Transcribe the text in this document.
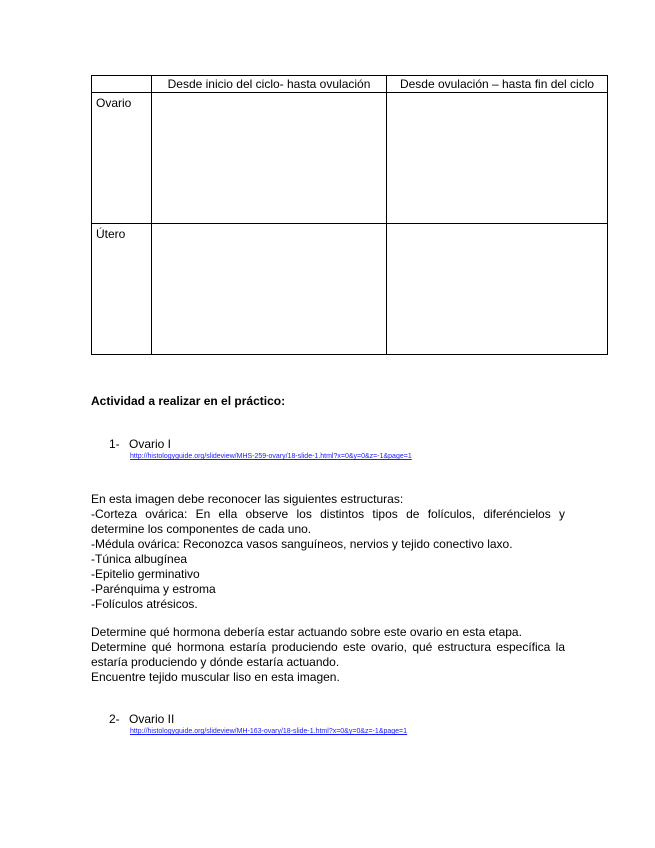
	Desde inicio del ciclo- hasta ovulación	Desde ovulación – hasta fin del ciclo
Ovario		
Útero		
Actividad a realizar en el práctico:
1- Ovario I
http://histologyguide.org/slideview/MHS-259-ovary/18-slide-1.html?x=0&y=0&z=-1&page=1

En esta imagen debe reconocer las siguientes estructuras:

-Corteza ovárica: En ella observe los distintos tipos de folículos, diferéncielos y determine los componentes de cada uno.

-Médula ovárica: Reconozca vasos sanguíneos, nervios y tejido conectivo laxo.

-Túnica albugínea

-Epitelio germinativo

-Parénquima y estroma

-Folículos atrésicos.

Determine qué hormona debería estar actuando sobre este ovario en esta etapa.

Determine qué hormona estaría produciendo este ovario, qué estructura específica la estaría produciendo y dónde estaría actuando.

Encuentre tejido muscular liso en esta imagen.

2- Ovario II
http://histologyguide.org/slideview/MH-163-ovary/18-slide-1.html?x=0&y=0&z=-1&page=1
